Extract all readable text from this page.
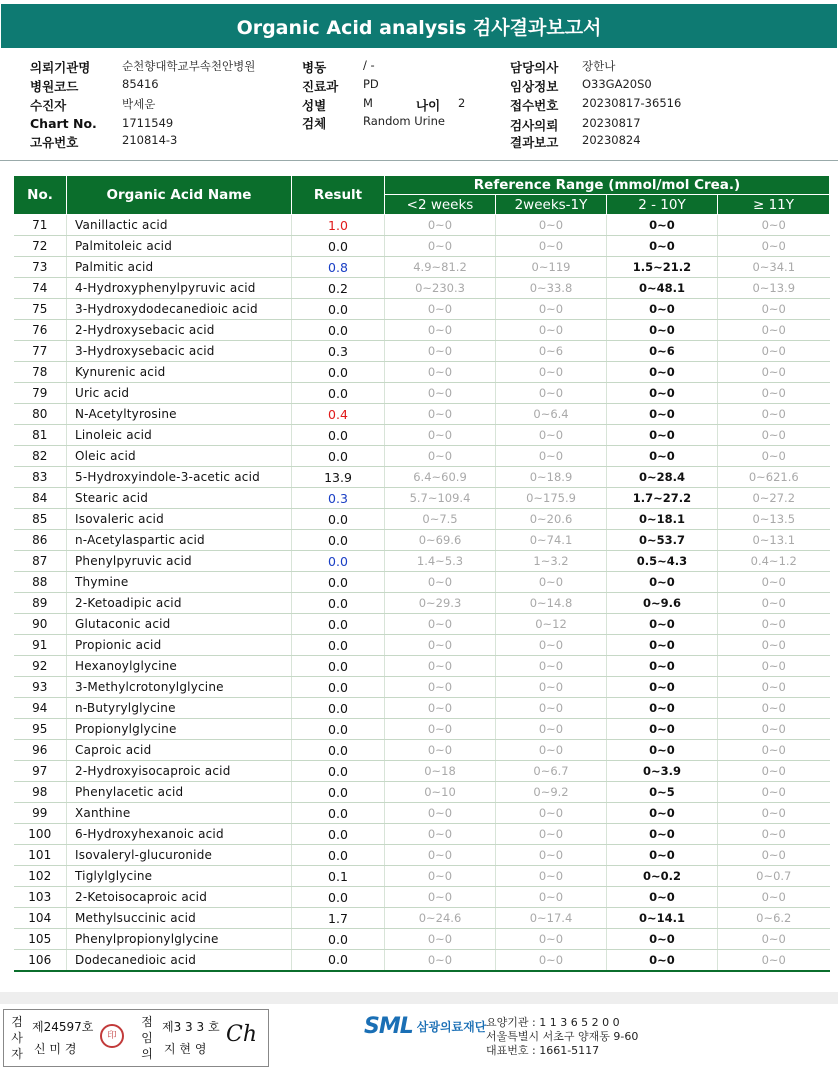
Organic Acid analysis 검사결과보고서
의뢰기관명	순천향대학교부속천안병원
병원코드	85416
수진자	박세운
Chart No. 1711549
고유번호	210814-3
병동	/ -
진료과 PD
성별	M	나이 2
검체	Random Urine
담당의사 장한나
임상정보 O33GA20S0
접수번호 20230817-36516
검사의뢰 20230817
결과보고 20230824
No.	Organic Acid Name	Result	Reference Range (mmol/mol Crea.)			
			<2 weeks	2weeks-1Y	2 - 10Y	≥ 11Y
71	Vanillactic acid	1.0	0~0	0~0	0~0	0~0
72	Palmitoleic acid	0.0	0~0	0~0	0~0	0~0
73	Palmitic acid	0.8	4.9~81.2	0~119	1.5~21.2	0~34.1
74	4-Hydroxyphenylpyruvic acid	0.2	0~230.3	0~33.8	0~48.1	0~13.9
75	3-Hydroxydodecanedioic acid	0.0	0~0	0~0	0~0	0~0
76	2-Hydroxysebacic acid	0.0	0~0	0~0	0~0	0~0
77	3-Hydroxysebacic acid	0.3	0~0	0~6	0~6	0~0
78	Kynurenic acid	0.0	0~0	0~0	0~0	0~0
79	Uric acid	0.0	0~0	0~0	0~0	0~0
80	N-Acetyltyrosine	0.4	0~0	0~6.4	0~0	0~0
81	Linoleic acid	0.0	0~0	0~0	0~0	0~0
82	Oleic acid	0.0	0~0	0~0	0~0	0~0
83	5-Hydroxyindole-3-acetic acid	13.9	6.4~60.9	0~18.9	0~28.4	0~621.6
84	Stearic acid	0.3	5.7~109.4	0~175.9	1.7~27.2	0~27.2
85	Isovaleric acid	0.0	0~7.5	0~20.6	0~18.1	0~13.5
86	n-Acetylaspartic acid	0.0	0~69.6	0~74.1	0~53.7	0~13.1
87	Phenylpyruvic acid	0.0	1.4~5.3	1~3.2	0.5~4.3	0.4~1.2
88	Thymine	0.0	0~0	0~0	0~0	0~0
89	2-Ketoadipic acid	0.0	0~29.3	0~14.8	0~9.6	0~0
90	Glutaconic acid	0.0	0~0	0~12	0~0	0~0
91	Propionic acid	0.0	0~0	0~0	0~0	0~0
92	Hexanoylglycine	0.0	0~0	0~0	0~0	0~0
93	3-Methylcrotonylglycine	0.0	0~0	0~0	0~0	0~0
94	n-Butyrylglycine	0.0	0~0	0~0	0~0	0~0
95	Propionylglycine	0.0	0~0	0~0	0~0	0~0
96	Caproic acid	0.0	0~0	0~0	0~0	0~0
97	2-Hydroxyisocaproic acid	0.0	0~18	0~6.7	0~3.9	0~0
98	Phenylacetic acid	0.0	0~10	0~9.2	0~5	0~0
99	Xanthine	0.0	0~0	0~0	0~0	0~0
100	6-Hydroxyhexanoic acid	0.0	0~0	0~0	0~0	0~0
101	Isovaleryl-glucuronide	0.0	0~0	0~0	0~0	0~0
102	Tiglylglycine	0.1	0~0	0~0	0~0.2	0~0.7
103	2-Ketoisocaproic acid	0.0	0~0	0~0	0~0	0~0
104	Methylsuccinic acid	1.7	0~24.6	0~17.4	0~14.1	0~6.2
105	Phenylpropionylglycine	0.0	0~0	0~0	0~0	0~0
106	Dodecanedioic acid	0.0	0~0	0~0	0~0	0~0
검
사
자
제24597호
신 미 경
印
점
임
의
제3 3 3 호
지 현 영
Ch	SML 삼광의료재단 요양기관 : 1 1 3 6 5 2 0 0
서울특별시 서초구 양재동 9-60
대표번호 : 1661-5117
